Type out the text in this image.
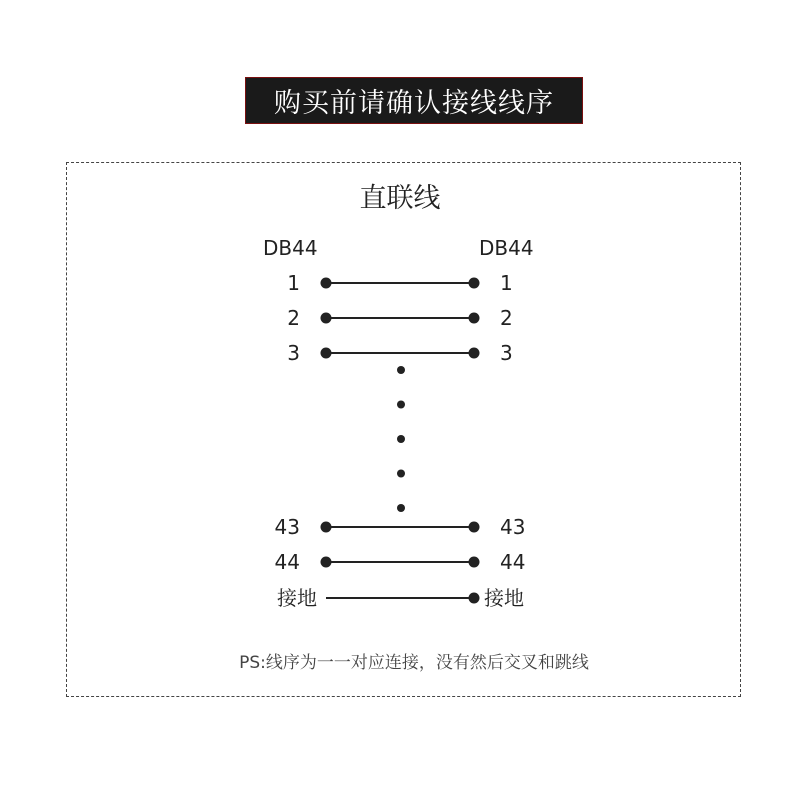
购买前请确认接线线序
直联线
DB44	DB44
1	1
2	2
3	3
43	43
44	44
接地	接地
PS:线序为一一对应连接，没有然后交叉和跳线
